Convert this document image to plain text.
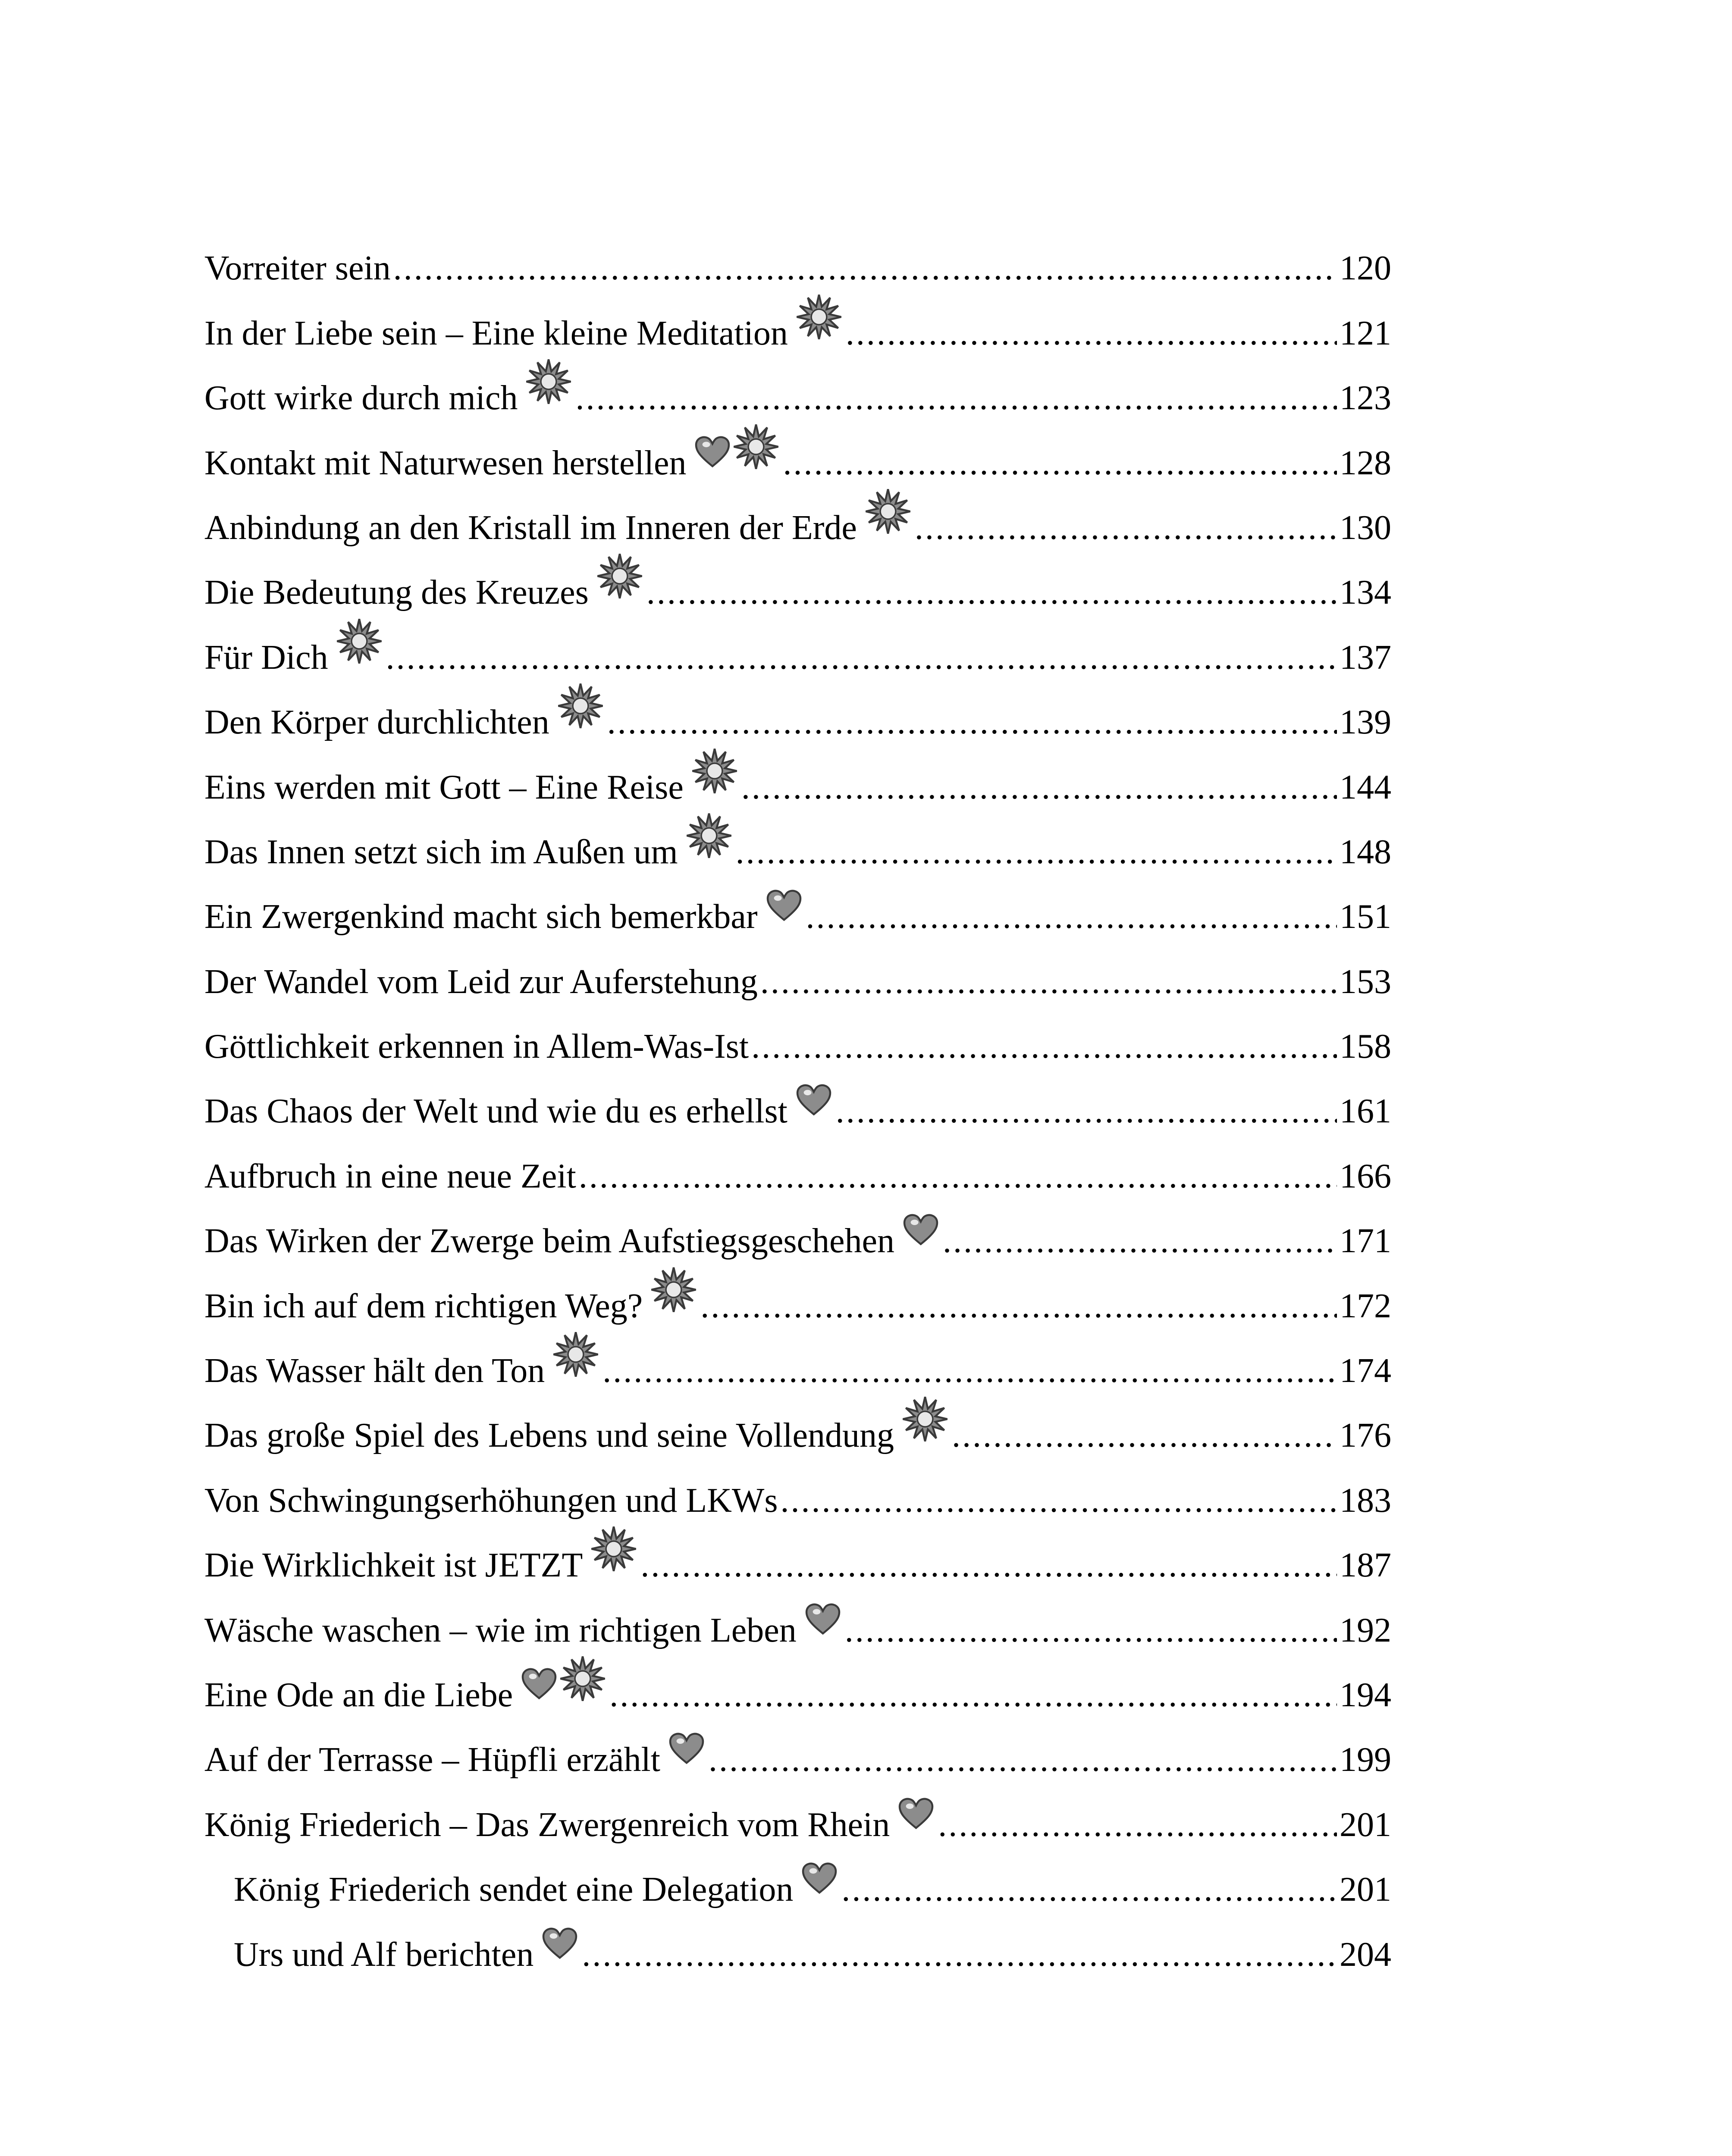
Vorreiter sein .....	120
In der Liebe sein – Eine kleine Meditation .....	121
Gott wirke durch mich .....	123
Kontakt mit Naturwesen herstellen .....	128
Anbindung an den Kristall im Inneren der Erde .....	130
Die Bedeutung des Kreuzes .....	134
Für Dich .....	137
Den Körper durchlichten .....	139
Eins werden mit Gott – Eine Reise .....	144
Das Innen setzt sich im Außen um .....	148
Ein Zwergenkind macht sich bemerkbar .....	151
Der Wandel vom Leid zur Auferstehung .....	153
Göttlichkeit erkennen in Allem-Was-Ist .....	158
Das Chaos der Welt und wie du es erhellst .....	161
Aufbruch in eine neue Zeit .....	166
Das Wirken der Zwerge beim Aufstiegsgeschehen .....	171
Bin ich auf dem richtigen Weg? .....	172
Das Wasser hält den Ton .....	174
Das große Spiel des Lebens und seine Vollendung .....	176
Von Schwingungserhöhungen und LKWs .....	183
Die Wirklichkeit ist JETZT .....	187
Wäsche waschen – wie im richtigen Leben .....	192
Eine Ode an die Liebe .....	194
Auf der Terrasse – Hüpfli erzählt .....	199
König Friederich – Das Zwergenreich vom Rhein .....	201
König Friederich sendet eine Delegation .....	201
Urs und Alf berichten .....	204
